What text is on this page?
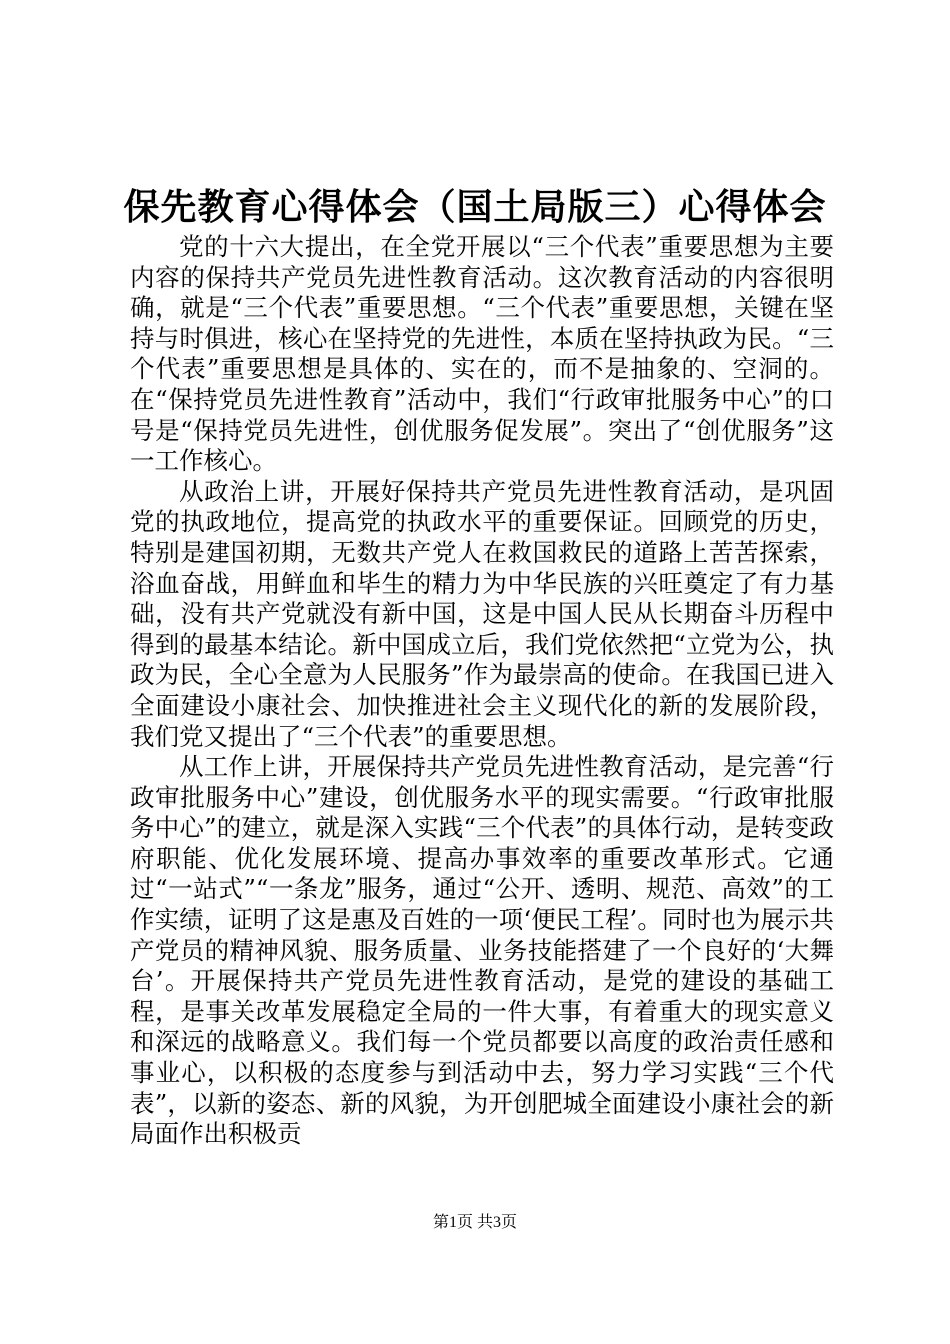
保先教育心得体会（国土局版三）心得体会

党的十六大提出，在全党开展以“三个代表”重要思想为主要内容的保持共产党员先进性教育活动。这次教育活动的内容很明确，就是“三个代表”重要思想。“三个代表”重要思想，关键在坚持与时俱进，核心在坚持党的先进性，本质在坚持执政为民。“三个代表”重要思想是具体的、实在的，而不是抽象的、空洞的。在“保持党员先进性教育”活动中，我们“行政审批服务中心”的口号是“保持党员先进性，创优服务促发展”。突出了“创优服务”这一工作核心。

从政治上讲，开展好保持共产党员先进性教育活动，是巩固党的执政地位，提高党的执政水平的重要保证。回顾党的历史，特别是建国初期，无数共产党人在救国救民的道路上苦苦探索，浴血奋战，用鲜血和毕生的精力为中华民族的兴旺奠定了有力基础，没有共产党就没有新中国，这是中国人民从长期奋斗历程中得到的最基本结论。新中国成立后，我们党依然把“立党为公，执政为民，全心全意为人民服务”作为最崇高的使命。在我国已进入全面建设小康社会、加快推进社会主义现代化的新的发展阶段，我们党又提出了“三个代表”的重要思想。

从工作上讲，开展保持共产党员先进性教育活动，是完善“行政审批服务中心”建设，创优服务水平的现实需要。“行政审批服务中心”的建立，就是深入实践“三个代表”的具体行动，是转变政府职能、优化发展环境、提高办事效率的重要改革形式。它通过“一站式”“一条龙”服务，通过“公开、透明、规范、高效”的工作实绩，证明了这是惠及百姓的一项‘便民工程’。同时也为展示共产党员的精神风貌、服务质量、业务技能搭建了一个良好的‘大舞台’。开展保持共产党员先进性教育活动，是党的建设的基础工程，是事关改革发展稳定全局的一件大事，有着重大的现实意义和深远的战略意义。我们每一个党员都要以高度的政治责任感和事业心，以积极的态度参与到活动中去，努力学习实践“三个代表”，以新的姿态、新的风貌，为开创肥城全面建设小康社会的新局面作出积极贡

第1页 共3页
